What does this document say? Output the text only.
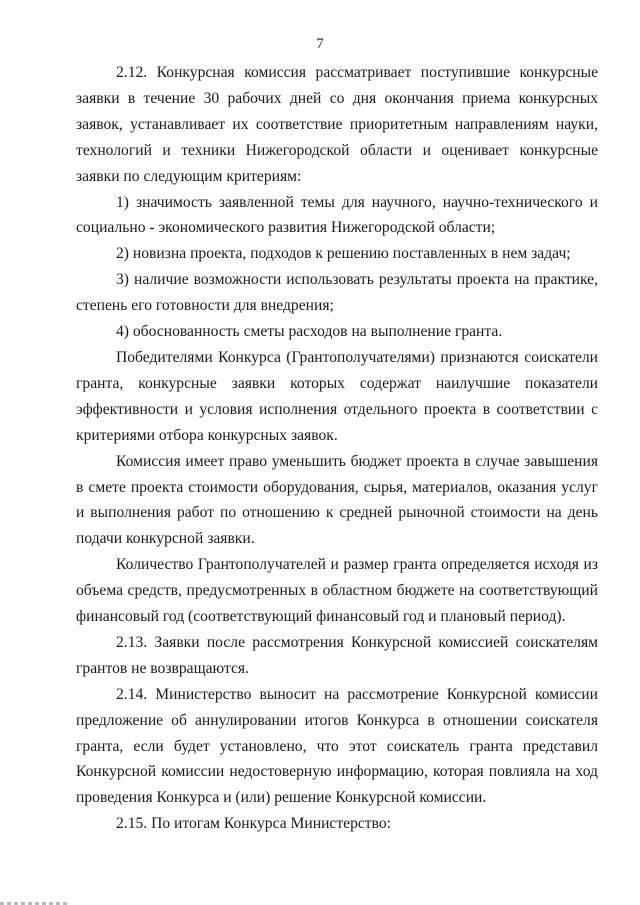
7

2.12. Конкурсная комиссия рассматривает поступившие конкурсные заявки в течение 30 рабочих дней со дня окончания приема конкурсных заявок, устанавливает их соответствие приоритетным направлениям науки, технологий и техники Нижегородской области и оценивает конкурсные заявки по следующим критериям:

1) значимость заявленной темы для научного, научно-технического и социально - экономического развития Нижегородской области;

2) новизна проекта, подходов к решению поставленных в нем задач;

3) наличие возможности использовать результаты проекта на практике, степень его готовности для внедрения;

4) обоснованность сметы расходов на выполнение гранта.

Победителями Конкурса (Грантополучателями) признаются соискатели гранта, конкурсные заявки которых содержат наилучшие показатели эффективности и условия исполнения отдельного проекта в соответствии с критериями отбора конкурсных заявок.

Комиссия имеет право уменьшить бюджет проекта в случае завышения в смете проекта стоимости оборудования, сырья, материалов, оказания услуг и выполнения работ по отношению к средней рыночной стоимости на день подачи конкурсной заявки.

Количество Грантополучателей и размер гранта определяется исходя из объема средств, предусмотренных в областном бюджете на соответствующий финансовый год (соответствующий финансовый год и плановый период).

2.13. Заявки после рассмотрения Конкурсной комиссией соискателям грантов не возвращаются.

2.14. Министерство выносит на рассмотрение Конкурсной комиссии предложение об аннулировании итогов Конкурса в отношении соискателя гранта, если будет установлено, что этот соискатель гранта представил Конкурсной комиссии недостоверную информацию, которая повлияла на ход проведения Конкурса и (или) решение Конкурсной комиссии.

2.15. По итогам Конкурса Министерство:
